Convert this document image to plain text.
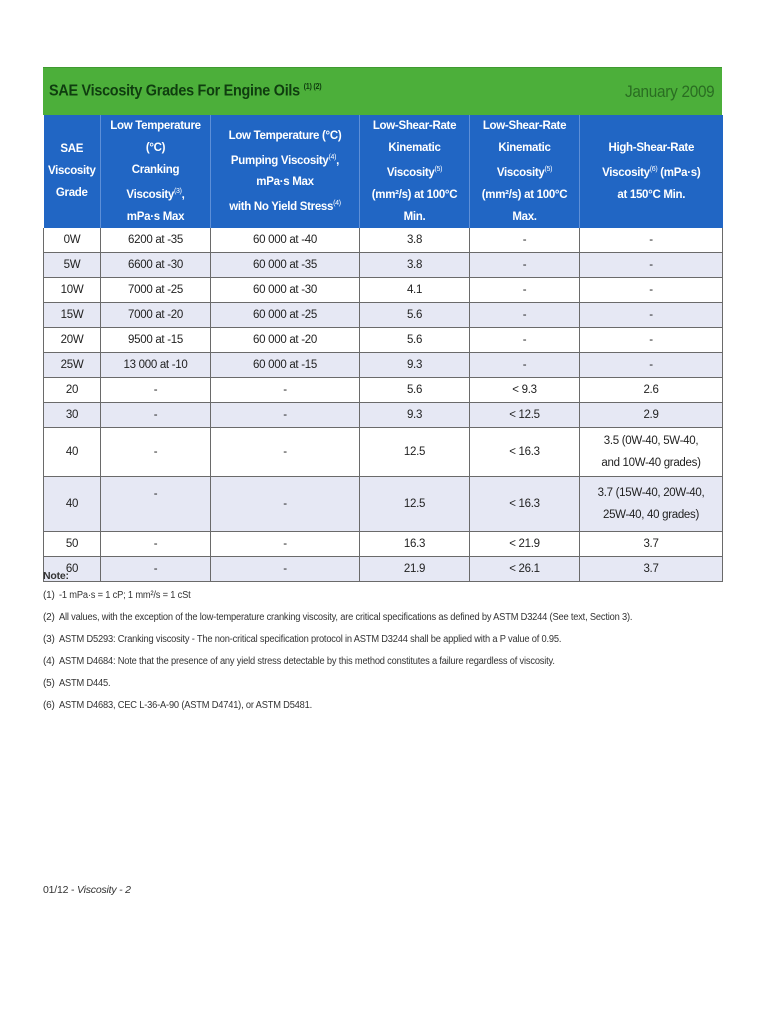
SAE Viscosity Grades For Engine Oils $^{(1) (2)}$	January 2009
SAE
Viscosity
Grade	Low Temperature (°C)
Cranking Viscosity$^{(3)}$,
mPa·s Max	Low Temperature (°C)
Pumping Viscosity$^{(4)}$, mPa·s Max
with No Yield Stress$^{(4)}$	Low-Shear-Rate
Kinematic Viscosity$^{(5)}$
(mm²/s) at 100°C Min.	Low-Shear-Rate
Kinematic Viscosity$^{(5)}$
(mm²/s) at 100°C Max.	High-Shear-Rate
Viscosity$^{(6)}$ (mPa·s)
at 150°C Min.
0W	6200 at -35	60 000 at -40	3.8	-	-
5W	6600 at -30	60 000 at -35	3.8	-	-
10W	7000 at -25	60 000 at -30	4.1	-	-
15W	7000 at -20	60 000 at -25	5.6	-	-
20W	9500 at -15	60 000 at -20	5.6	-	-
25W	13 000 at -10	60 000 at -15	9.3	-	-
20	-	-	5.6	< 9.3	2.6
30	-	-	9.3	< 12.5	2.9
40	-	-	12.5	< 16.3	3.5 (0W-40, 5W-40,
and 10W-40 grades)
40	-	-	12.5	< 16.3	3.7 (15W-40, 20W-40,
25W-40, 40 grades)
50	-	-	16.3	< 21.9	3.7
60	-	-	21.9	< 26.1	3.7
Note:
(1) -1 mPa·s = 1 cP; 1 mm²/s = 1 cSt
(2) All values, with the exception of the low-temperature cranking viscosity, are critical specifications as defined by ASTM D3244 (See text, Section 3).
(3) ASTM D5293: Cranking viscosity - The non-critical specification protocol in ASTM D3244 shall be applied with a P value of 0.95.
(4) ASTM D4684: Note that the presence of any yield stress detectable by this method constitutes a failure regardless of viscosity.
(5) ASTM D445.
(6) ASTM D4683, CEC L-36-A-90 (ASTM D4741), or ASTM D5481.
01/12 - Viscosity - 2
